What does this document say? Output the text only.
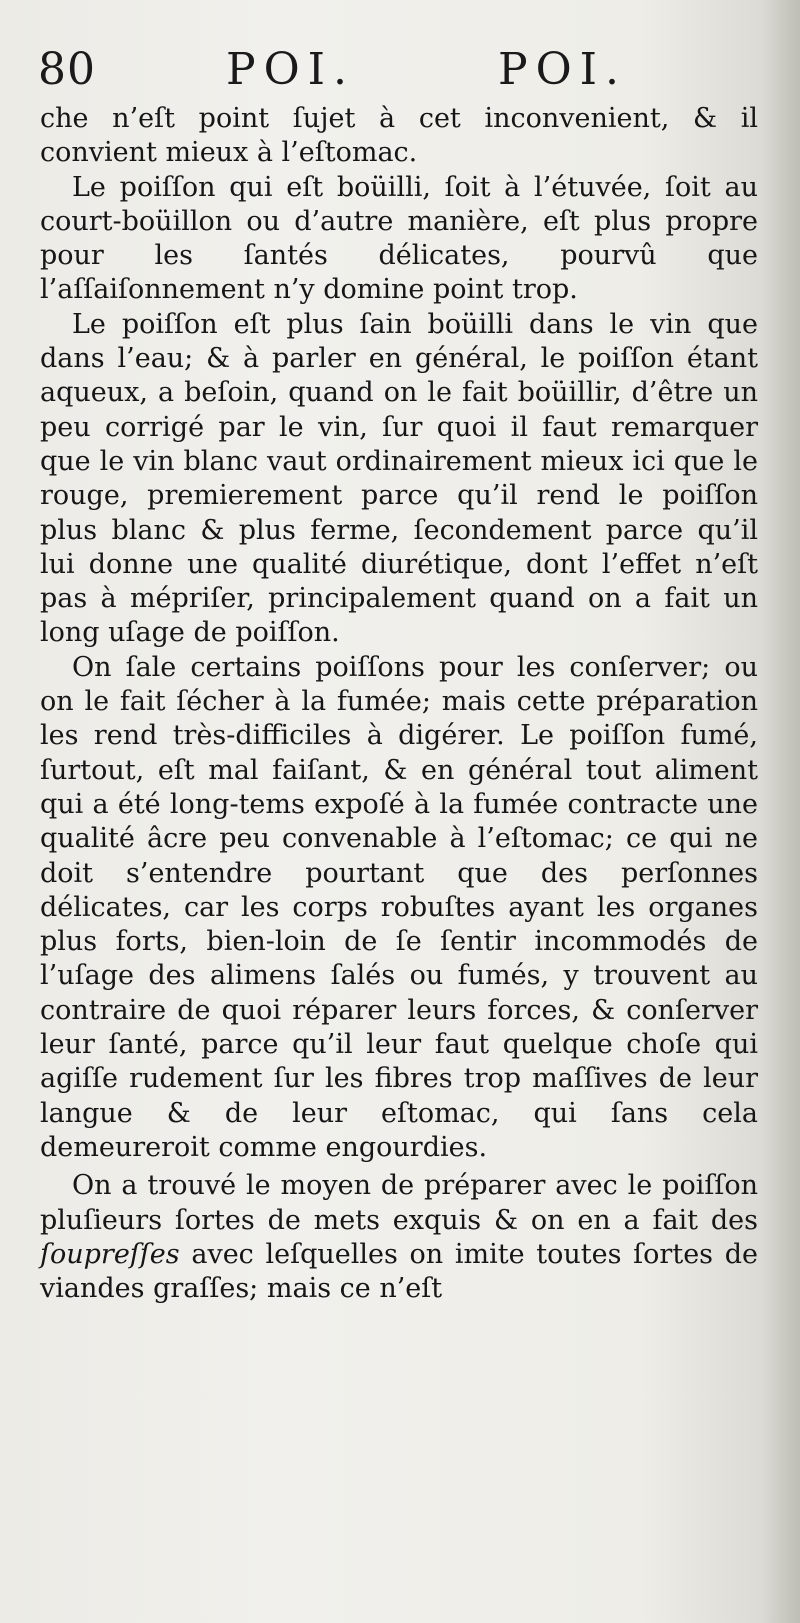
80	POI.	POI.

che n’eſt point ſujet à cet inconvenient, & il convient mieux à l’eſtomac.

Le poiſſon qui eſt boüilli, ſoit à l’étuvée, ſoit au court-boüillon ou d’autre manière, eſt plus propre pour les ſantés délicates, pourvû que l’aſſaiſonnement n’y domine point trop.

Le poiſſon eſt plus ſain boüilli dans le vin que dans l’eau; & à parler en général, le poiſſon étant aqueux, a beſoin, quand on le fait boüillir, d’être un peu corrigé par le vin, ſur quoi il faut remarquer que le vin blanc vaut ordinairement mieux ici que le rouge, premierement parce qu’il rend le poiſſon plus blanc & plus ferme, ſecondement parce qu’il lui donne une qualité diurétique, dont l’effet n’eſt pas à mépriſer, principalement quand on a fait un long uſage de poiſſon.

On ſale certains poiſſons pour les conſerver; ou on le fait ſécher à la fumée; mais cette préparation les rend très-difficiles à digérer. Le poiſſon fumé, ſurtout, eſt mal faiſant, & en général tout aliment qui a été long-tems expoſé à la fumée contracte une qualité âcre peu convenable à l’eſtomac; ce qui ne doit s’entendre pourtant que des perſonnes délicates, car les corps robuſtes ayant les organes plus forts, bien-loin de ſe ſentir incommodés de l’uſage des alimens ſalés ou fumés, y trouvent au contraire de quoi réparer leurs forces, & conſerver leur ſanté, parce qu’il leur faut quelque choſe qui agiſſe rudement ſur les fibres trop maſſives de leur langue & de leur eſtomac, qui ſans cela demeureroit comme engourdies.

On a trouvé le moyen de préparer avec le poiſſon pluſieurs ſortes de mets exquis & on en a fait des ſoupreſſes avec leſquelles on imite toutes ſortes de viandes graſſes; mais ce n’eſt
